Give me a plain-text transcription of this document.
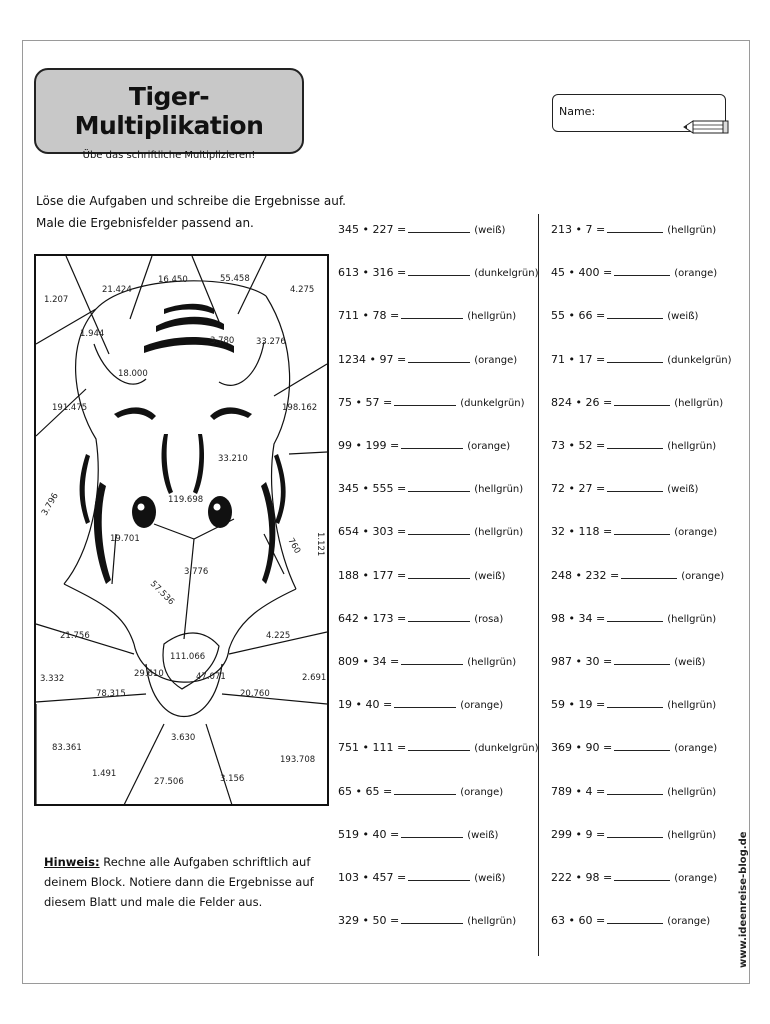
Tiger-Multiplikation
Übe das schriftliche Multiplizieren!
Name:
Löse die Aufgaben und schreibe die Ergebnisse auf.
Male die Ergebnisfelder passend an.
1.207
21.424
16.450	55.458
4.275
1.944
3.780	33.276
18.000
191.475	198.162
33.210
119.698
3.796
19.701	760 1.121
3.776
57.536
21.756	4.225
111.066
29.610	47.071
3.332	2.691
78.315	20.760
3.630
83.361
1.491
27.506	3.156
193.708
Hinweis: Rechne alle Aufgaben schriftlich auf deinem Block. Notiere dann die Ergebnisse auf diesem Blatt und male die Felder aus.
345 • 227 =	(weiß)
613 • 316 =	(dunkelgrün)
711 • 78 =	(hellgrün)
1234 • 97 =	(orange)
75 • 57 =	(dunkelgrün)
99 • 199 =	(orange)
345 • 555 =	(hellgrün)
654 • 303 =	(hellgrün)
188 • 177 =	(weiß)
642 • 173 =	(rosa)
809 • 34 =	(hellgrün)
19 • 40 =	(orange)
751 • 111 =	(dunkelgrün)
65 • 65 =	(orange)
519 • 40 =	(weiß)
103 • 457 =	(weiß)
329 • 50 =	(hellgrün)
213 • 7 =	(hellgrün)
45 • 400 =	(orange)
55 • 66 =	(weiß)
71 • 17 =	(dunkelgrün)
824 • 26 =	(hellgrün)
73 • 52 =	(hellgrün)
72 • 27 =	(weiß)
32 • 118 =	(orange)
248 • 232 =	(orange)
98 • 34 =	(hellgrün)
987 • 30 =	(weiß)
59 • 19 =	(hellgrün)
369 • 90 =	(orange)
789 • 4 =	(hellgrün)
299 • 9 =	(hellgrün)
222 • 98 =	(orange)
63 • 60 =	(orange)	www.ideenreise-blog.de
